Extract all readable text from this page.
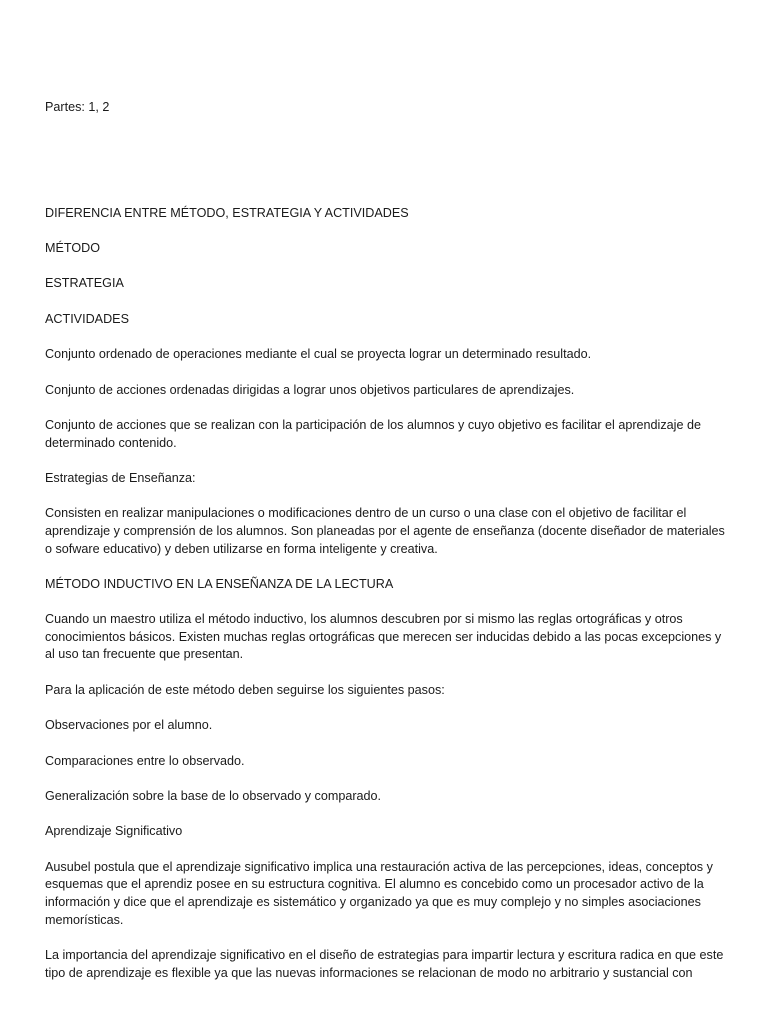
Partes: 1, 2

DIFERENCIA ENTRE MÉTODO, ESTRATEGIA Y ACTIVIDADES

MÉTODO

ESTRATEGIA

ACTIVIDADES

Conjunto ordenado de operaciones mediante el cual se proyecta lograr un determinado resultado.

Conjunto de acciones ordenadas dirigidas a lograr unos objetivos particulares de aprendizajes.

Conjunto de acciones que se realizan con la participación de los alumnos y cuyo objetivo es facilitar el aprendizaje de determinado contenido.

Estrategias de Enseñanza:

Consisten en realizar manipulaciones o modificaciones dentro de un curso o una clase con el objetivo de facilitar el aprendizaje y comprensión de los alumnos. Son planeadas por el agente de enseñanza (docente diseñador de materiales o sofware educativo) y deben utilizarse en forma inteligente y creativa.

MÉTODO INDUCTIVO EN LA ENSEÑANZA DE LA LECTURA

Cuando un maestro utiliza el método inductivo, los alumnos descubren por si mismo las reglas ortográficas y otros conocimientos básicos. Existen muchas reglas ortográficas que merecen ser inducidas debido a las pocas excepciones y al uso tan frecuente que presentan.

Para la aplicación de este método deben seguirse los siguientes pasos:

Observaciones por el alumno.

Comparaciones entre lo observado.

Generalización sobre la base de lo observado y comparado.

Aprendizaje Significativo

Ausubel postula que el aprendizaje significativo implica una restauración activa de las percepciones, ideas, conceptos y esquemas que el aprendiz posee en su estructura cognitiva. El alumno es concebido como un procesador activo de la información y dice que el aprendizaje es sistemático y organizado ya que es muy complejo y no simples asociaciones memorísticas.

La importancia del aprendizaje significativo en el diseño de estrategias para impartir lectura y escritura radica en que este tipo de aprendizaje es flexible ya que las nuevas informaciones se relacionan de modo no arbitrario y sustancial con
